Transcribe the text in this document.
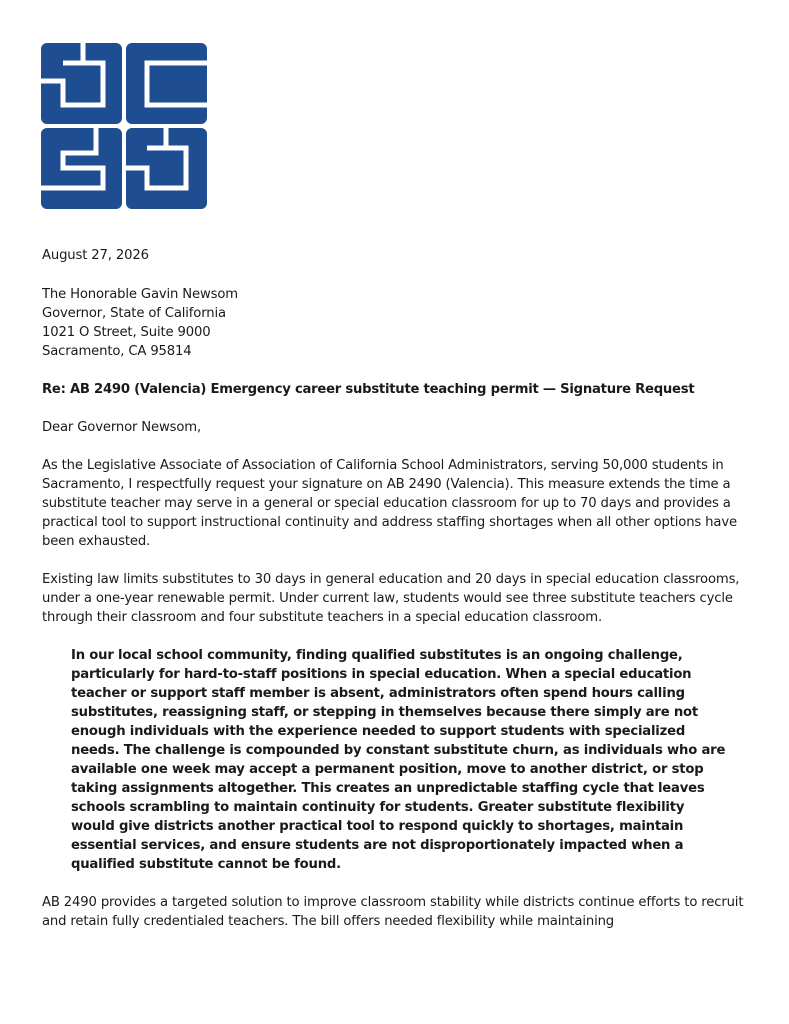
August 27, 2026
The Honorable Gavin Newsom
Governor, State of California
1021 O Street, Suite 9000
Sacramento, CA 95814
Re: AB 2490 (Valencia) Emergency career substitute teaching permit — Signature Request
Dear Governor Newsom,

As the Legislative Associate of Association of California School Administrators, serving 50,000 students in Sacramento, I respectfully request your signature on AB 2490 (Valencia). This measure extends the time a substitute teacher may serve in a general or special education classroom for up to 70 days and provides a practical tool to support instructional continuity and address staffing shortages when all other options have been exhausted.

Existing law limits substitutes to 30 days in general education and 20 days in special education classrooms, under a one-year renewable permit. Under current law, students would see three substitute teachers cycle through their classroom and four substitute teachers in a special education classroom.

In our local school community, finding qualified substitutes is an ongoing challenge, particularly for hard-to-staff positions in special education. When a special education teacher or support staff member is absent, administrators often spend hours calling substitutes, reassigning staff, or stepping in themselves because there simply are not enough individuals with the experience needed to support students with specialized needs. The challenge is compounded by constant substitute churn, as individuals who are available one week may accept a permanent position, move to another district, or stop taking assignments altogether. This creates an unpredictable staffing cycle that leaves schools scrambling to maintain continuity for students. Greater substitute flexibility would give districts another practical tool to respond quickly to shortages, maintain essential services, and ensure students are not disproportionately impacted when a qualified substitute cannot be found.

AB 2490 provides a targeted solution to improve classroom stability while districts continue efforts to recruit and retain fully credentialed teachers. The bill offers needed flexibility while maintaining
